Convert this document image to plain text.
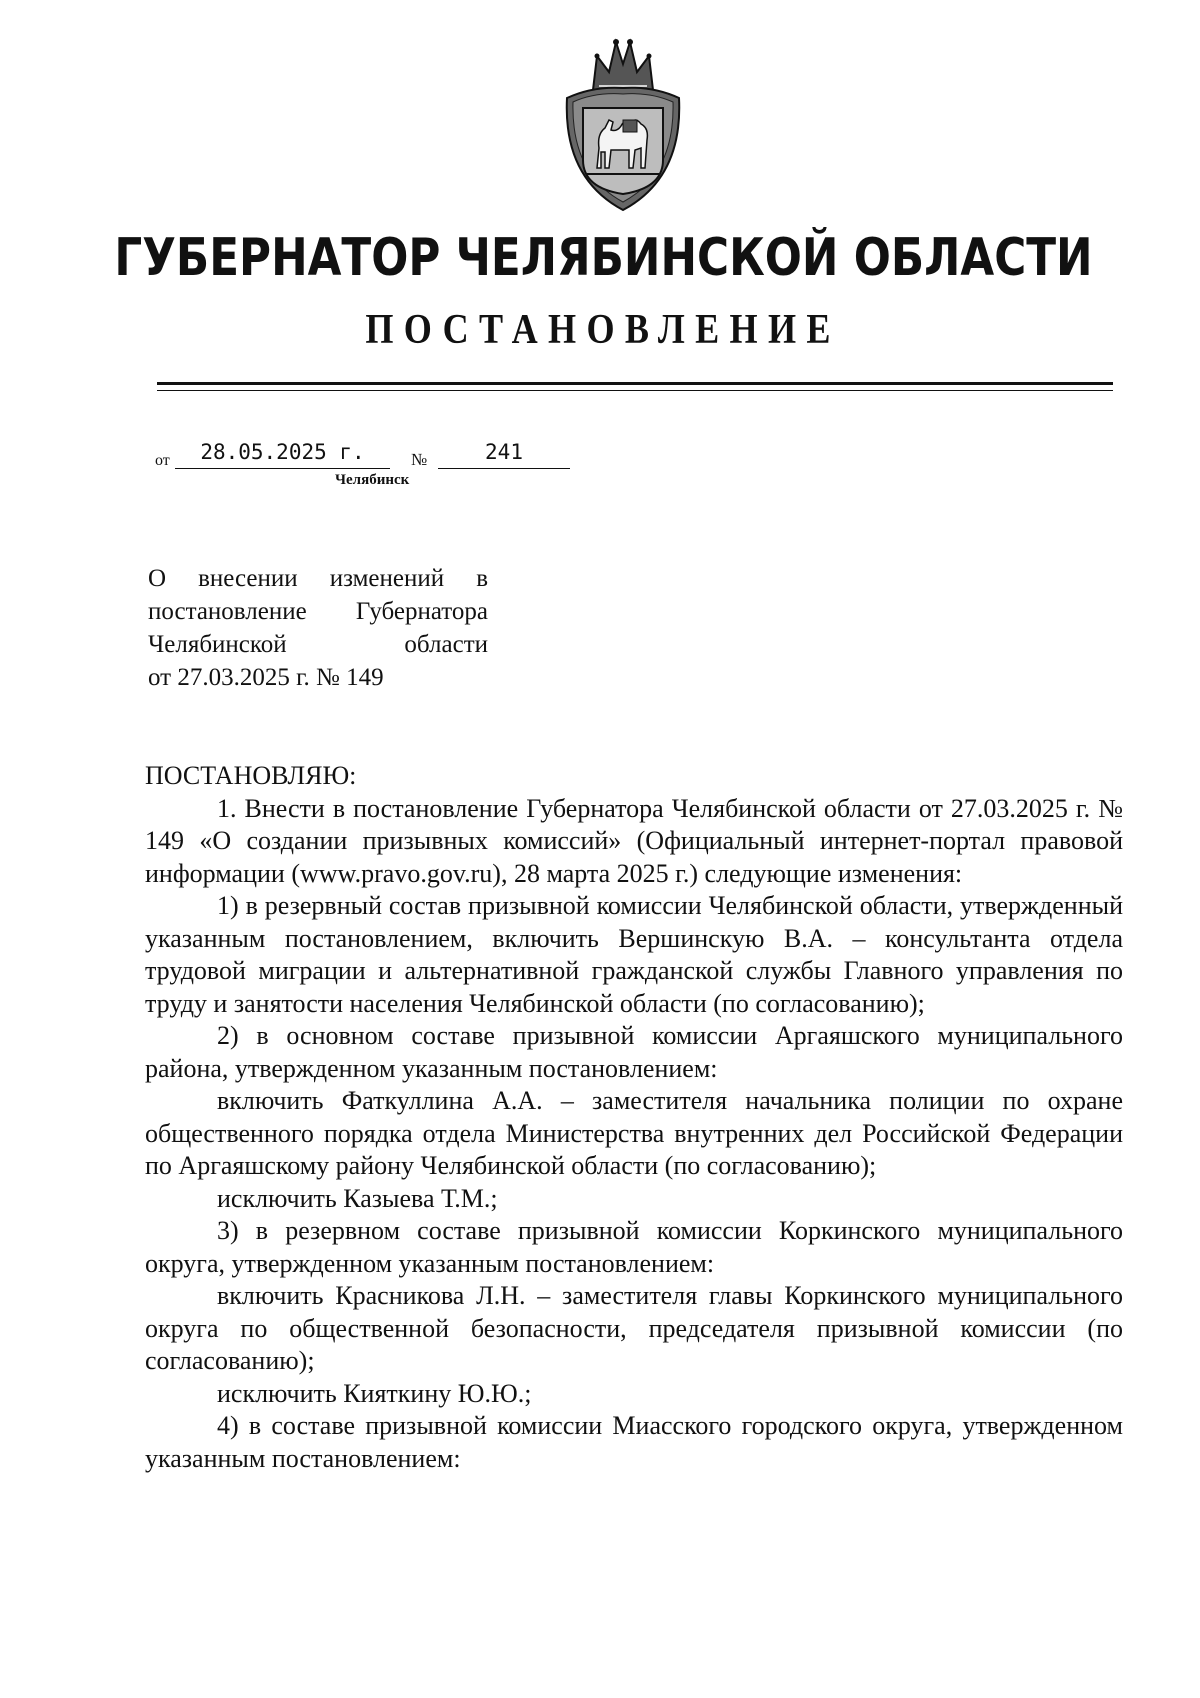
ГУБЕРНАТОР ЧЕЛЯБИНСКОЙ ОБЛАСТИ
ПОСТАНОВЛЕНИЕ
от	28.05.2025 г.	№	241
Челябинск
О внесении изменений в
постановление Губернатора
Челябинской области
от 27.03.2025 г. № 149

ПОСТАНОВЛЯЮ:

1. Внести в постановление Губернатора Челябинской области от 27.03.2025 г. № 149 «О создании призывных комиссий» (Официальный интернет-портал правовой информации (www.pravo.gov.ru), 28 марта 2025 г.) следующие изменения:

1) в резервный состав призывной комиссии Челябинской области, утвержденный указанным постановлением, включить Вершинскую В.А. – консультанта отдела трудовой миграции и альтернативной гражданской службы Главного управления по труду и занятости населения Челябинской области (по согласованию);

2) в основном составе призывной комиссии Аргаяшского муниципального района, утвержденном указанным постановлением:

включить Фаткуллина А.А. – заместителя начальника полиции по охране общественного порядка отдела Министерства внутренних дел Российской Федерации по Аргаяшскому району Челябинской области (по согласованию);

исключить Казыева Т.М.;

3) в резервном составе призывной комиссии Коркинского муниципального округа, утвержденном указанным постановлением:

включить Красникова Л.Н. – заместителя главы Коркинского муниципального округа по общественной безопасности, председателя призывной комиссии (по согласованию);

исключить Кияткину Ю.Ю.;

4) в составе призывной комиссии Миасского городского округа, утвержденном указанным постановлением:
